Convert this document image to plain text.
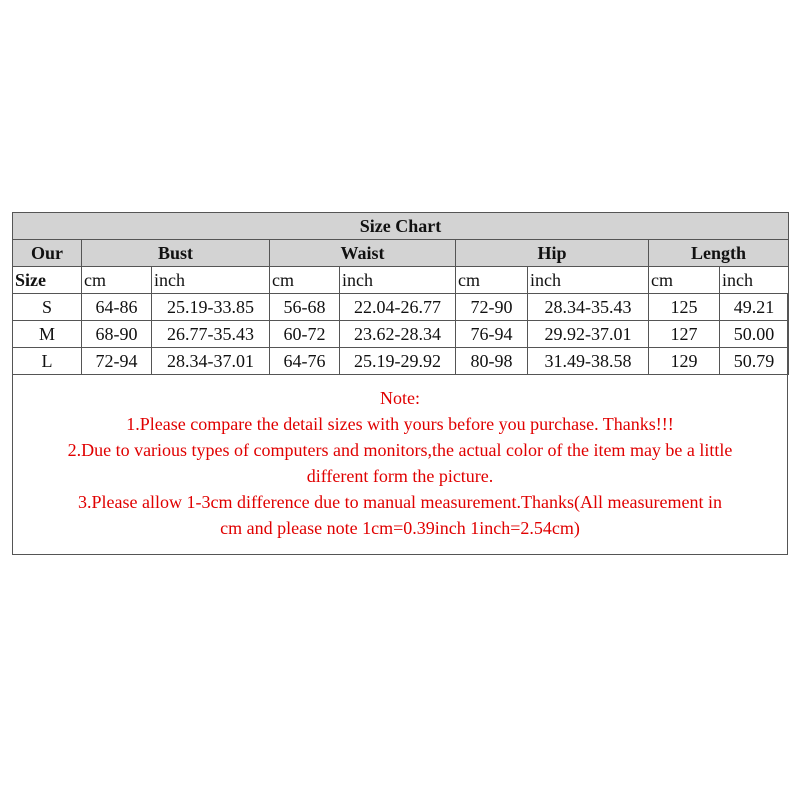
Size Chart								
Our	Bust		Waist		Hip		Length	
Size	cm	inch	cm	inch	cm	inch	cm	inch
S	64-86	25.19-33.85	56-68	22.04-26.77	72-90	28.34-35.43	125	49.21
M	68-90	26.77-35.43	60-72	23.62-28.34	76-94	29.92-37.01	127	50.00
L	72-94	28.34-37.01	64-76	25.19-29.92	80-98	31.49-38.58	129	50.79
Note:
1.Please compare the detail sizes with yours before you purchase. Thanks!!!
2.Due to various types of computers and monitors,the actual color of the item may be a little
different form the picture.
3.Please allow 1-3cm difference due to manual measurement.Thanks(All measurement in
cm and please note 1cm=0.39inch 1inch=2.54cm)
